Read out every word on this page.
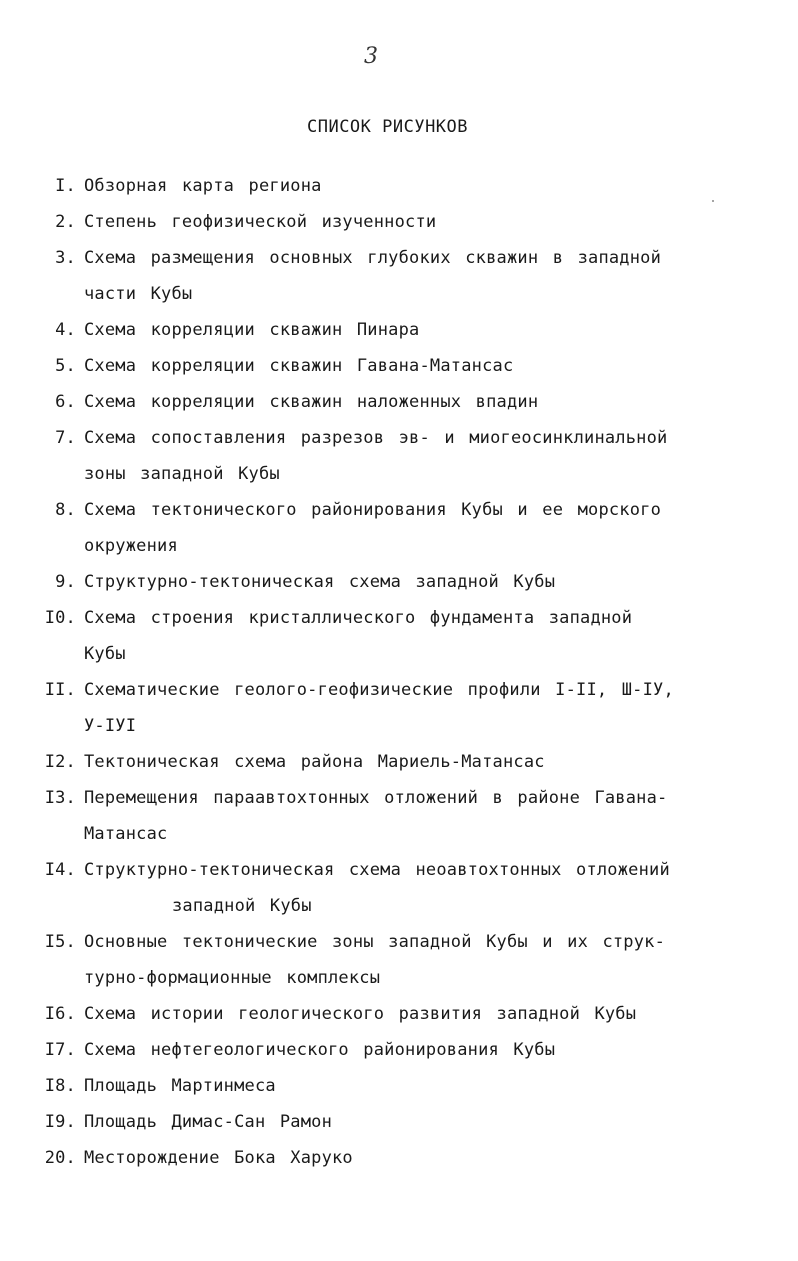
3
СПИСОК РИСУНКОВ
I. Обзорная карта региона
2. Степень геофизической изученности
3. Схема размещения основных глубоких скважин в западной
части Кубы
4. Схема корреляции скважин Пинара
5. Схема корреляции скважин Гавана-Матансас
6. Схема корреляции скважин наложенных впадин
7. Схема сопоставления разрезов эв- и миогеосинклинальной
зоны западной Кубы
8. Схема тектонического районирования Кубы и ее морского
окружения
9. Структурно-тектоническая схема западной Кубы
I0. Схема строения кристаллического фундамента западной
Кубы
II. Схематические геолого-геофизические профили I-II, Ш-IУ,
У-IУI
I2. Тектоническая схема района Мариель-Матансас
I3. Перемещения параавтохтонных отложений в районе Гавана-
Матансас
I4. Структурно-тектоническая схема неоавтохтонных отложений
западной Кубы
I5. Основные тектонические зоны западной Кубы и их струк-
турно-формационные комплексы
I6. Схема истории геологического развития западной Кубы
I7. Схема нефтегеологического районирования Кубы
I8. Площадь Мартинмеса
I9. Площадь Димас-Сан Рамон
20. Месторождение Бока Харуко
